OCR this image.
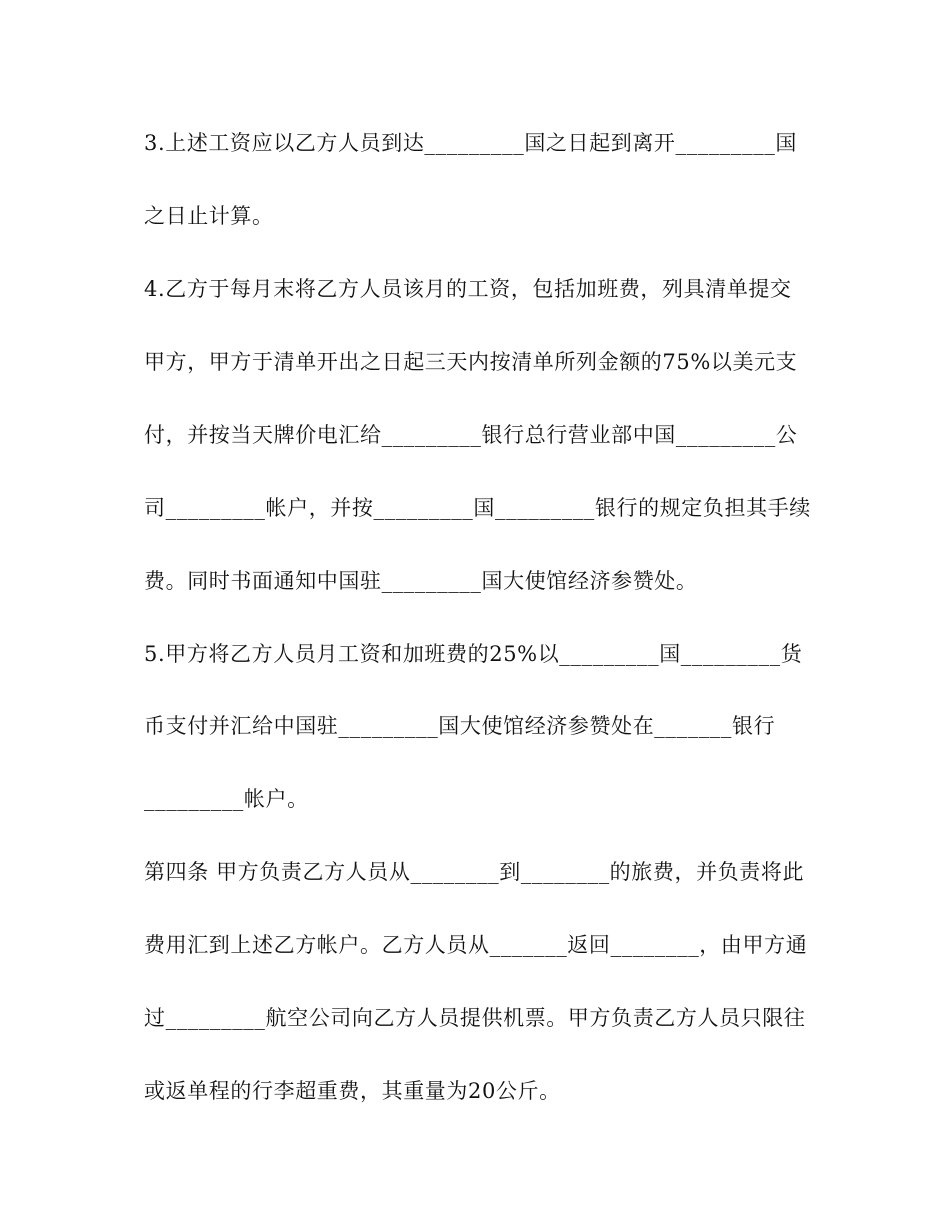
3.上述工资应以乙方人员到达_________国之日起到离开_________国
之日止计算。
4.乙方于每月末将乙方人员该月的工资，包括加班费，列具清单提交
甲方，甲方于清单开出之日起三天内按清单所列金额的75%以美元支
付，并按当天牌价电汇给_________银行总行营业部中国_________公
司_________帐户，并按_________国_________银行的规定负担其手续
费。同时书面通知中国驻_________国大使馆经济参赞处。
5.甲方将乙方人员月工资和加班费的25%以_________国_________货
币支付并汇给中国驻_________国大使馆经济参赞处在_______银行
_________帐户。
第四条 甲方负责乙方人员从________到________的旅费，并负责将此
费用汇到上述乙方帐户。乙方人员从_______返回________，由甲方通
过_________航空公司向乙方人员提供机票。甲方负责乙方人员只限往
或返单程的行李超重费，其重量为20公斤。
